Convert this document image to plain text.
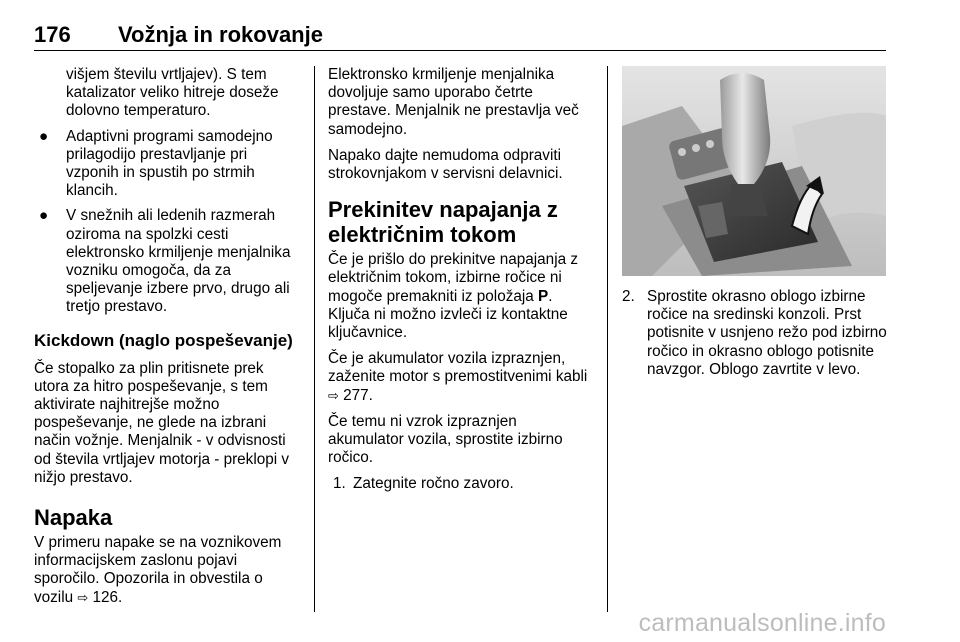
176 Vožnja in rokovanje

višjem številu vrtljajev). S tem katalizator veliko hitreje doseže dolovno temperaturo.

● Adaptivni programi samodejno prilagodijo prestavljanje pri vzponih in spustih po strmih klancih.
● V snežnih ali ledenih razmerah oziroma na spolzki cesti elektronsko krmiljenje menjalnika vozniku omogoča, da za speljevanje izbere prvo, drugo ali tretjo prestavo.
Kickdown (naglo pospeševanje)

Če stopalko za plin pritisnete prek utora za hitro pospeševanje, s tem aktivirate najhitrejše možno pospeševanje, ne glede na izbrani način vožnje. Menjalnik - v odvisnosti od števila vrtljajev motorja - preklopi v nižjo prestavo.

Napaka

V primeru napake se na voznikovem informacijskem zaslonu pojavi sporočilo. Opozorila in obvestila o vozilu ⇨ 126.

Elektronsko krmiljenje menjalnika dovoljuje samo uporabo četrte prestave. Menjalnik ne prestavlja več samodejno.

Napako dajte nemudoma odpraviti strokovnjakom v servisni delavnici.

Prekinitev napajanja z električnim tokom

Če je prišlo do prekinitve napajanja z električnim tokom, izbirne ročice ni mogoče premakniti iz položaja P. Ključa ni možno izvleči iz kontaktne ključavnice.

Če je akumulator vozila izpraznjen, zaženite motor s premostitvenimi kabli ⇨ 277.

Če temu ni vzrok izpraznjen akumulator vozila, sprostite izbirno ročico.

1. Zategnite ročno zavoro.
2. Sprostite okrasno oblogo izbirne ročice na sredinski konzoli. Prst potisnite v usnjeno režo pod izbirno ročico in okrasno oblogo potisnite navzgor. Oblogo zavrtite v levo.
carmanualsonline.info
